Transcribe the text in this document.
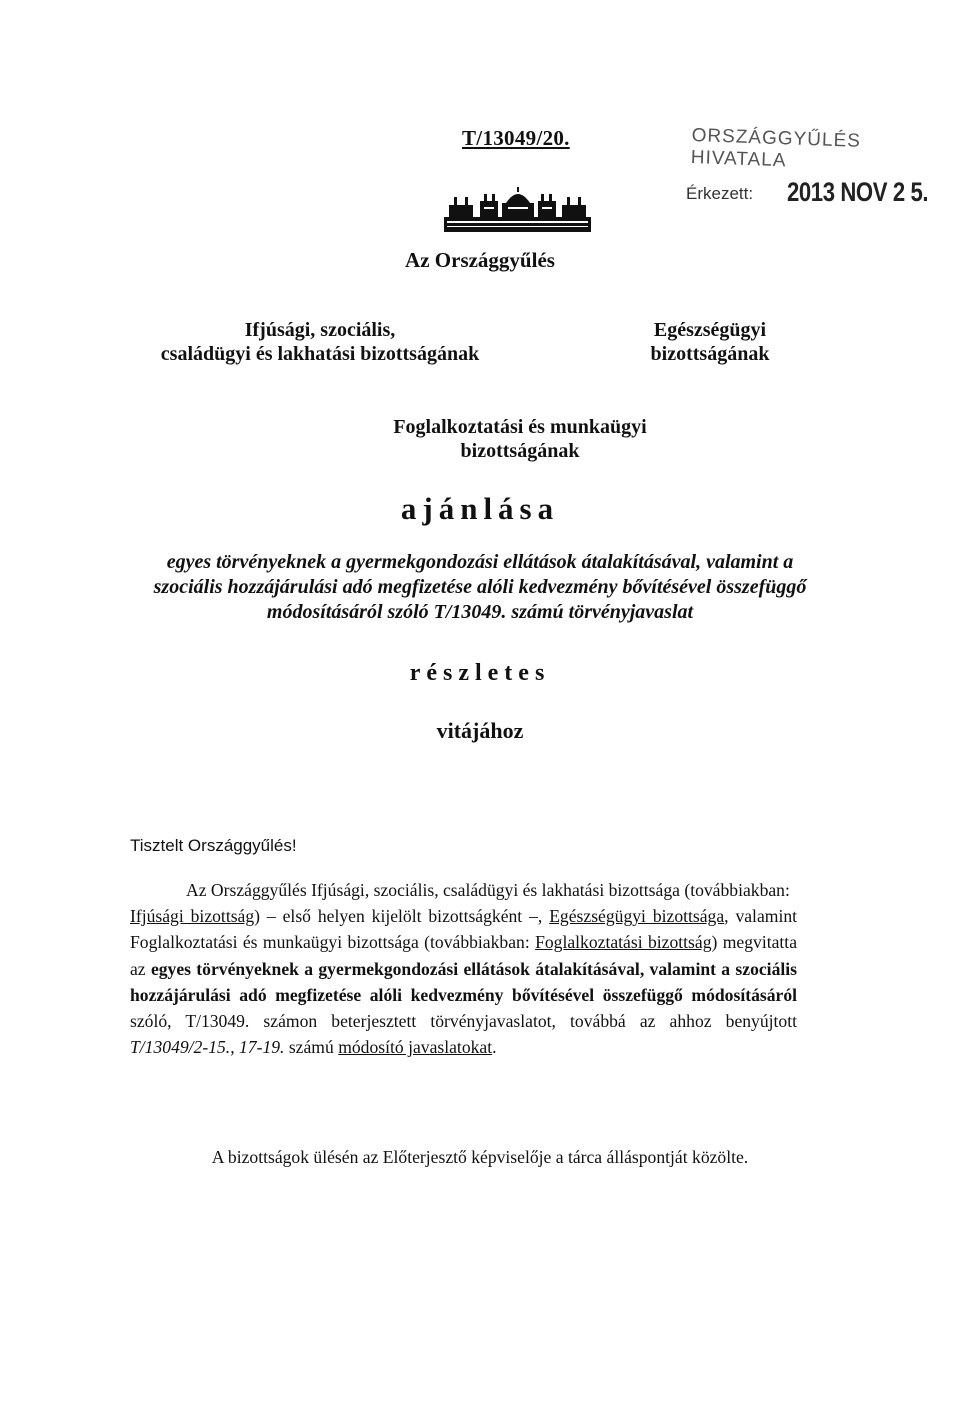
T/13049/20.	ORSZÁGGYŰLÉS HIVATALA
Érkezett: 2013 NOV 2 5.
Az Országgyűlés
Ifjúsági, szociális,
családügyi és lakhatási bizottságának
Egészségügyi
bizottságának
Foglalkoztatási és munkaügyi
bizottságának
ajánlása
egyes törvényeknek a gyermekgondozási ellátások átalakításával, valamint a szociális hozzájárulási adó megfizetése alóli kedvezmény bővítésével összefüggő módosításáról szóló T/13049. számú törvényjavaslat
részletes
vitájához
Tisztelt Országgyűlés!
Az Országgyűlés Ifjúsági, szociális, családügyi és lakhatási bizottsága (továbbiakban:
Ifjúsági bizottság) – első helyen kijelölt bizottságként –, Egészségügyi bizottsága, valamint Foglalkoztatási és munkaügyi bizottsága (továbbiakban: Foglalkoztatási bizottság) megvitatta az egyes törvényeknek a gyermekgondozási ellátások átalakításával, valamint a szociális hozzájárulási adó megfizetése alóli kedvezmény bővítésével összefüggő módosításáról szóló, T/13049. számon beterjesztett törvényjavaslatot, továbbá az ahhoz benyújtott T/13049/2-15., 17-19. számú módosító javaslatokat.
A bizottságok ülésén az Előterjesztő képviselője a tárca álláspontját közölte.
